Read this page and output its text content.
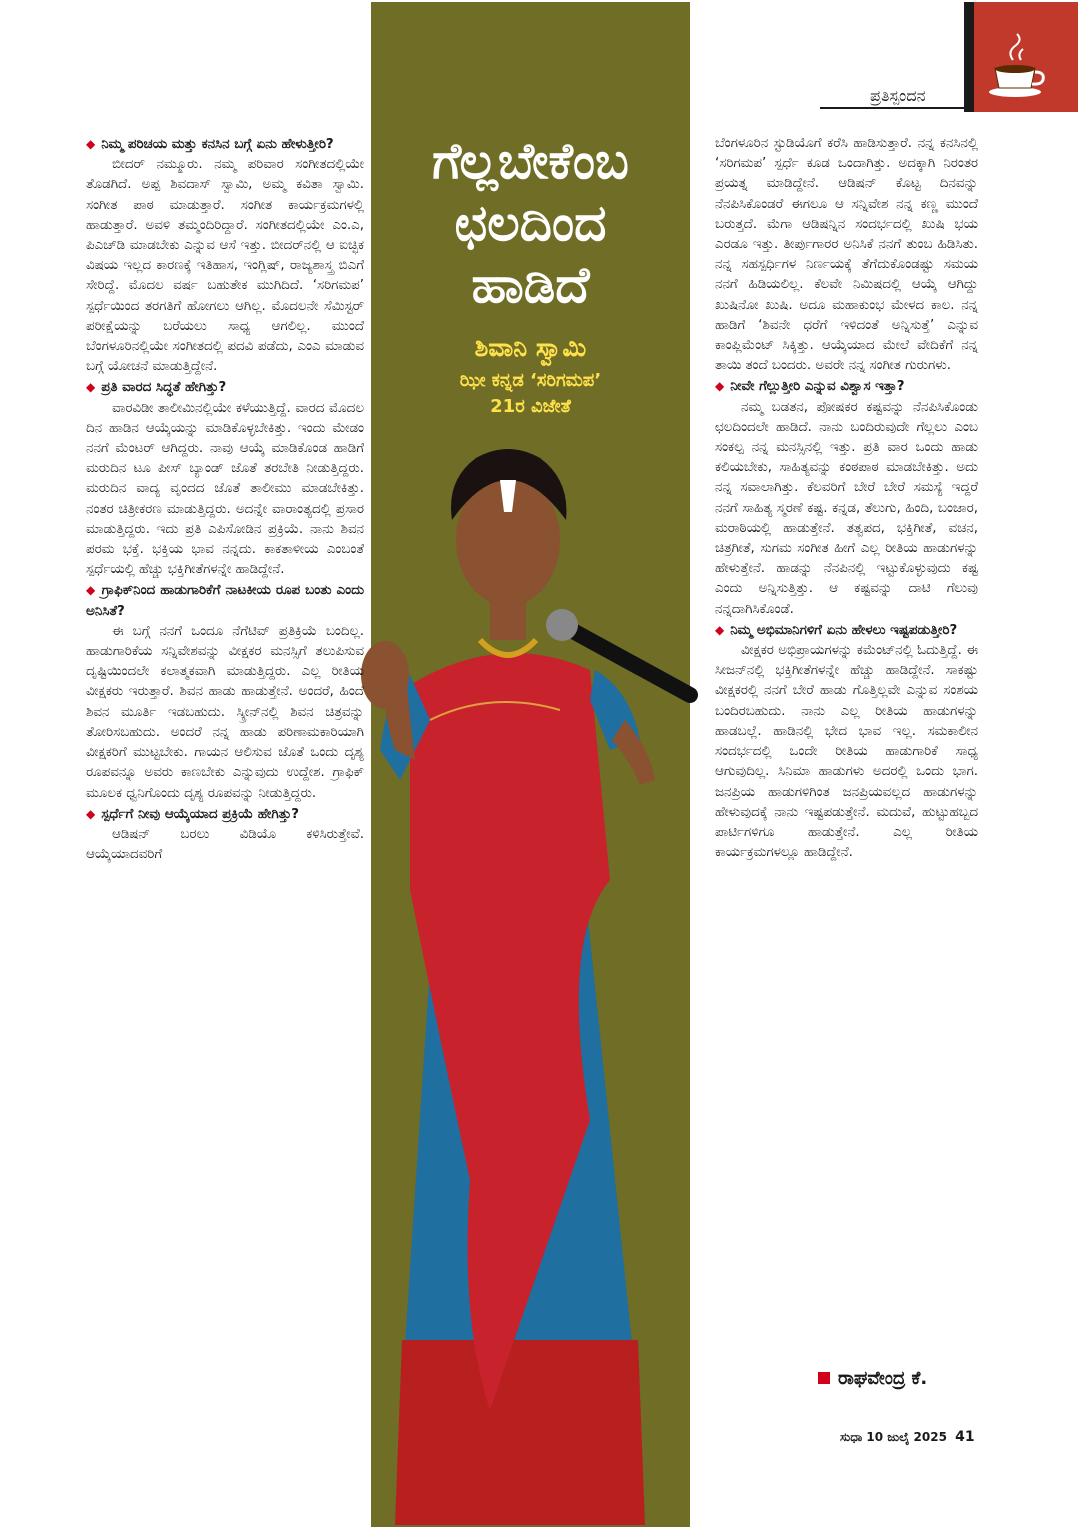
ಪ್ರತಿಸ್ಪಂದನ
ಗೆಲ್ಲಬೇಕೆಂಬ
ಛಲದಿಂದ
ಹಾಡಿದೆ
ಶಿವಾನಿ ಸ್ವಾಮಿ
ಝೀ ಕನ್ನಡ ‘ಸರಿಗಮಪ’
21ರ ವಿಜೇತೆ

◆ ನಿಮ್ಮ ಪರಿಚಯ ಮತ್ತು ಕನಸಿನ ಬಗ್ಗೆ ಏನು ಹೇಳುತ್ತೀರಿ?

ಬೀದರ್ ನಮ್ಮೂರು. ನಮ್ಮ ಪರಿವಾರ ಸಂಗೀತದಲ್ಲಿಯೇ ತೊಡಗಿದೆ. ಅಪ್ಪ ಶಿವದಾಸ್ ಸ್ವಾಮಿ, ಅಮ್ಮ ಕವಿತಾ ಸ್ವಾಮಿ. ಸಂಗೀತ ಪಾಠ ಮಾಡುತ್ತಾರೆ. ಸಂಗೀತ ಕಾರ್ಯಕ್ರಮಗಳಲ್ಲಿ ಹಾಡುತ್ತಾರೆ. ಅವಳಿ ತಮ್ಮಂದಿರಿದ್ದಾರೆ. ಸಂಗೀತದಲ್ಲಿಯೇ ಎಂ.ಎ, ಪಿಎಚ್‌ಡಿ ಮಾಡಬೇಕು ಎನ್ನುವ ಆಸೆ ಇತ್ತು. ಬೀದರ್‌ನಲ್ಲಿ ಆ ಐಚ್ಛಿಕ ವಿಷಯ ಇಲ್ಲದ ಕಾರಣಕ್ಕೆ ಇತಿಹಾಸ, ಇಂಗ್ಲಿಷ್, ರಾಜ್ಯಶಾಸ್ತ್ರ ಬಿಎಗೆ ಸೇರಿದ್ದೆ. ಮೊದಲ ವರ್ಷ ಬಹುತೇಕ ಮುಗಿದಿದೆ. ‘ಸರಿಗಮಪ’ ಸ್ಪರ್ಧೆಯಿಂದ ತರಗತಿಗೆ ಹೋಗಲು ಆಗಿಲ್ಲ. ಮೊದಲನೇ ಸೆಮಿಸ್ಟರ್ ಪರೀಕ್ಷೆಯನ್ನು ಬರೆಯಲು ಸಾಧ್ಯ ಆಗಲಿಲ್ಲ. ಮುಂದೆ ಬೆಂಗಳೂರಿನಲ್ಲಿಯೇ ಸಂಗೀತದಲ್ಲಿ ಪದವಿ ಪಡೆದು, ಎಂಎ ಮಾಡುವ ಬಗ್ಗೆ ಯೋಚನೆ ಮಾಡುತ್ತಿದ್ದೇನೆ.

◆ ಪ್ರತಿ ವಾರದ ಸಿದ್ಧತೆ ಹೇಗಿತ್ತು?

ವಾರವಿಡೀ ತಾಲೀಮಿನಲ್ಲಿಯೇ ಕಳೆಯುತ್ತಿದ್ದೆ. ವಾರದ ಮೊದಲ ದಿನ ಹಾಡಿನ ಆಯ್ಕೆಯನ್ನು ಮಾಡಿಕೊಳ್ಳಬೇಕಿತ್ತು. ಇಂದು ಮೇಡಂ ನನಗೆ ಮೆಂಟರ್ ಆಗಿದ್ದರು. ನಾವು ಆಯ್ಕೆ ಮಾಡಿಕೊಂಡ ಹಾಡಿಗೆ ಮರುದಿನ ಟೂ ಪೀಸ್ ಬ್ಯಾಂಡ್ ಜೊತೆ ತರಬೇತಿ ನೀಡುತ್ತಿದ್ದರು. ಮರುದಿನ ವಾದ್ಯ ವೃಂದದ ಜೊತೆ ತಾಲೀಮು ಮಾಡಬೇಕಿತ್ತು. ನಂತರ ಚಿತ್ರೀಕರಣ ಮಾಡುತ್ತಿದ್ದರು. ಅದನ್ನೇ ವಾರಾಂತ್ಯದಲ್ಲಿ ಪ್ರಸಾರ ಮಾಡುತ್ತಿದ್ದರು. ಇದು ಪ್ರತಿ ಎಪಿಸೋಡಿನ ಪ್ರಕ್ರಿಯೆ. ನಾನು ಶಿವನ ಪರಮ ಭಕ್ತೆ. ಭಕ್ತಿಯ ಭಾವ ನನ್ನದು. ಕಾಕತಾಳೀಯ ಎಂಬಂತೆ ಸ್ಪರ್ಧೆಯಲ್ಲಿ ಹೆಚ್ಚು ಭಕ್ತಿಗೀತೆಗಳನ್ನೇ ಹಾಡಿದ್ದೇನೆ.

◆ ಗ್ರಾಫಿಕ್‌ನಿಂದ ಹಾಡುಗಾರಿಕೆಗೆ ನಾಟಕೀಯ ರೂಪ ಬಂತು ಎಂದು ಅನಿಸಿತೆ?

ಈ ಬಗ್ಗೆ ನನಗೆ ಒಂದೂ ನೆಗೆಟಿವ್ ಪ್ರತಿಕ್ರಿಯೆ ಬಂದಿಲ್ಲ. ಹಾಡುಗಾರಿಕೆಯ ಸನ್ನಿವೇಶವನ್ನು ವೀಕ್ಷಕರ ಮನಸ್ಸಿಗೆ ತಲುಪಿಸುವ ದೃಷ್ಟಿಯಿಂದಲೇ ಕಲಾತ್ಮಕವಾಗಿ ಮಾಡುತ್ತಿದ್ದರು. ಎಲ್ಲ ರೀತಿಯ ವೀಕ್ಷಕರು ಇರುತ್ತಾರೆ. ಶಿವನ ಹಾಡು ಹಾಡುತ್ತೇನೆ. ಅಂದರೆ, ಹಿಂದೆ ಶಿವನ ಮೂರ್ತಿ ಇಡಬಹುದು. ಸ್ಕ್ರೀನ್‌ನಲ್ಲಿ ಶಿವನ ಚಿತ್ರವನ್ನು ತೋರಿಸಬಹುದು. ಅಂದರೆ ನನ್ನ ಹಾಡು ಪರಿಣಾಮಕಾರಿಯಾಗಿ ವೀಕ್ಷಕರಿಗೆ ಮುಟ್ಟಬೇಕು. ಗಾಯನ ಆಲಿಸುವ ಜೊತೆ ಒಂದು ದೃಶ್ಯ ರೂಪವನ್ನೂ ಅವರು ಕಾಣಬೇಕು ಎನ್ನುವುದು ಉದ್ದೇಶ. ಗ್ರಾಫಿಕ್ ಮೂಲಕ ಧ್ವನಿಗೊಂದು ದೃಶ್ಯ ರೂಪವನ್ನು ನೀಡುತ್ತಿದ್ದರು.

◆ ಸ್ಪರ್ಧೆಗೆ ನೀವು ಆಯ್ಕೆಯಾದ ಪ್ರಕ್ರಿಯೆ ಹೇಗಿತ್ತು?

ಆಡಿಷನ್ ಬರಲು ವಿಡಿಯೊ ಕಳಿಸಿರುತ್ತೇವೆ. ಆಯ್ಕೆಯಾದವರಿಗೆ

ಬೆಂಗಳೂರಿನ ಸ್ಟುಡಿಯೊಗೆ ಕರೆಸಿ ಹಾಡಿಸುತ್ತಾರೆ. ನನ್ನ ಕನಸಿನಲ್ಲಿ ‘ಸರಿಗಮಪ’ ಸ್ಪರ್ಧೆ ಕೂಡ ಒಂದಾಗಿತ್ತು. ಅದಕ್ಕಾಗಿ ನಿರಂತರ ಪ್ರಯತ್ನ ಮಾಡಿದ್ದೇನೆ. ಆಡಿಷನ್ ಕೊಟ್ಟ ದಿನವನ್ನು ನೆನಪಿಸಿಕೊಂಡರೆ ಈಗಲೂ ಆ ಸನ್ನಿವೇಶ ನನ್ನ ಕಣ್ಣ ಮುಂದೆ ಬರುತ್ತದೆ. ಮೆಗಾ ಆಡಿಷನ್ನಿನ ಸಂದರ್ಭದಲ್ಲಿ ಖುಷಿ ಭಯ ಎರಡೂ ಇತ್ತು. ತೀರ್ಪುಗಾರರ ಅನಿಸಿಕೆ ನನಗೆ ತುಂಬ ಹಿಡಿಸಿತು. ನನ್ನ ಸಹಸ್ಪರ್ಧಿಗಳ ನಿರ್ಣಯಕ್ಕೆ ತೆಗೆದುಕೊಂಡಷ್ಟು ಸಮಯ ನನಗೆ ಹಿಡಿಯಲಿಲ್ಲ. ಕೆಲವೇ ನಿಮಿಷದಲ್ಲಿ ಆಯ್ಕೆ ಆಗಿದ್ದು ಖುಷಿನೋ ಖುಷಿ. ಅದೂ ಮಹಾಕುಂಭ ಮೇಳದ ಕಾಲ. ನನ್ನ ಹಾಡಿಗೆ ‘ಶಿವನೇ ಧರೆಗೆ ಇಳಿದಂತೆ ಅನ್ನಿಸುತ್ತೆ’ ಎನ್ನುವ ಕಾಂಪ್ಲಿಮೆಂಟ್ ಸಿಕ್ಕಿತ್ತು. ಆಯ್ಕೆಯಾದ ಮೇಲೆ ವೇದಿಕೆಗೆ ನನ್ನ ತಾಯಿ ತಂದೆ ಬಂದರು. ಅವರೇ ನನ್ನ ಸಂಗೀತ ಗುರುಗಳು.

◆ ನೀವೇ ಗೆಲ್ಲುತ್ತೀರಿ ಎನ್ನುವ ವಿಶ್ವಾಸ ಇತ್ತಾ?

ನಮ್ಮ ಬಡತನ, ಪೋಷಕರ ಕಷ್ಟವನ್ನು ನೆನಪಿಸಿಕೊಂಡು ಛಲದಿಂದಲೇ ಹಾಡಿದೆ. ನಾನು ಬಂದಿರುವುದೇ ಗೆಲ್ಲಲು ಎಂಬ ಸಂಕಲ್ಪ ನನ್ನ ಮನಸ್ಸಿನಲ್ಲಿ ಇತ್ತು. ಪ್ರತಿ ವಾರ ಒಂದು ಹಾಡು ಕಲಿಯಬೇಕು, ಸಾಹಿತ್ಯವನ್ನು ಕಂಠಪಾಠ ಮಾಡಬೇಕಿತ್ತು. ಅದು ನನ್ನ ಸವಾಲಾಗಿತ್ತು. ಕೆಲವರಿಗೆ ಬೇರೆ ಬೇರೆ ಸಮಸ್ಯೆ ಇದ್ದರೆ ನನಗೆ ಸಾಹಿತ್ಯ ಸ್ಮರಣೆ ಕಷ್ಟ. ಕನ್ನಡ, ತೆಲುಗು, ಹಿಂದಿ, ಬಂಜಾರ, ಮರಾಠಿಯಲ್ಲಿ ಹಾಡುತ್ತೇನೆ. ತತ್ವಪದ, ಭಕ್ತಿಗೀತೆ, ವಚನ, ಚಿತ್ರಗೀತೆ, ಸುಗಮ ಸಂಗೀತ ಹೀಗೆ ಎಲ್ಲ ರೀತಿಯ ಹಾಡುಗಳನ್ನು ಹೇಳುತ್ತೇನೆ. ಹಾಡನ್ನು ನೆನಪಿನಲ್ಲಿ ಇಟ್ಟುಕೊಳ್ಳುವುದು ಕಷ್ಟ ಎಂದು ಅನ್ನಿಸುತ್ತಿತ್ತು. ಆ ಕಷ್ಟವನ್ನು ದಾಟಿ ಗೆಲುವು ನನ್ನದಾಗಿಸಿಕೊಂಡೆ.

◆ ನಿಮ್ಮ ಅಭಿಮಾನಿಗಳಿಗೆ ಏನು ಹೇಳಲು ಇಷ್ಟಪಡುತ್ತೀರಿ?

ವೀಕ್ಷಕರ ಅಭಿಪ್ರಾಯಗಳನ್ನು ಕಮೆಂಟ್‌ನಲ್ಲಿ ಓದುತ್ತಿದ್ದೆ. ಈ ಸೀಜನ್‌ನಲ್ಲಿ ಭಕ್ತಿಗೀತೆಗಳನ್ನೇ ಹೆಚ್ಚು ಹಾಡಿದ್ದೇನೆ. ಸಾಕಷ್ಟು ವೀಕ್ಷಕರಲ್ಲಿ ನನಗೆ ಬೇರೆ ಹಾಡು ಗೊತ್ತಿಲ್ಲವೇ ಎನ್ನುವ ಸಂಶಯ ಬಂದಿರಬಹುದು. ನಾನು ಎಲ್ಲ ರೀತಿಯ ಹಾಡುಗಳನ್ನು ಹಾಡಬಲ್ಲೆ. ಹಾಡಿನಲ್ಲಿ ಭೇದ ಭಾವ ಇಲ್ಲ. ಸಮಕಾಲೀನ ಸಂದರ್ಭದಲ್ಲಿ ಒಂದೇ ರೀತಿಯ ಹಾಡುಗಾರಿಕೆ ಸಾಧ್ಯ ಆಗುವುದಿಲ್ಲ. ಸಿನಿಮಾ ಹಾಡುಗಳು ಅದರಲ್ಲಿ ಒಂದು ಭಾಗ. ಜನಪ್ರಿಯ ಹಾಡುಗಳಿಗಿಂತ ಜನಪ್ರಿಯವಲ್ಲದ ಹಾಡುಗಳನ್ನು ಹೇಳುವುದಕ್ಕೆ ನಾನು ಇಷ್ಟಪಡುತ್ತೇನೆ. ಮದುವೆ, ಹುಟ್ಟುಹಬ್ಬದ ಪಾರ್ಟಿಗಳಿಗೂ ಹಾಡುತ್ತೇನೆ. ಎಲ್ಲ ರೀತಿಯ ಕಾರ್ಯಕ್ರಮಗಳಲ್ಲೂ ಹಾಡಿದ್ದೇನೆ.

ರಾಘವೇಂದ್ರ ಕೆ.
ಸುಧಾ 10 ಜುಲೈ 2025 41
